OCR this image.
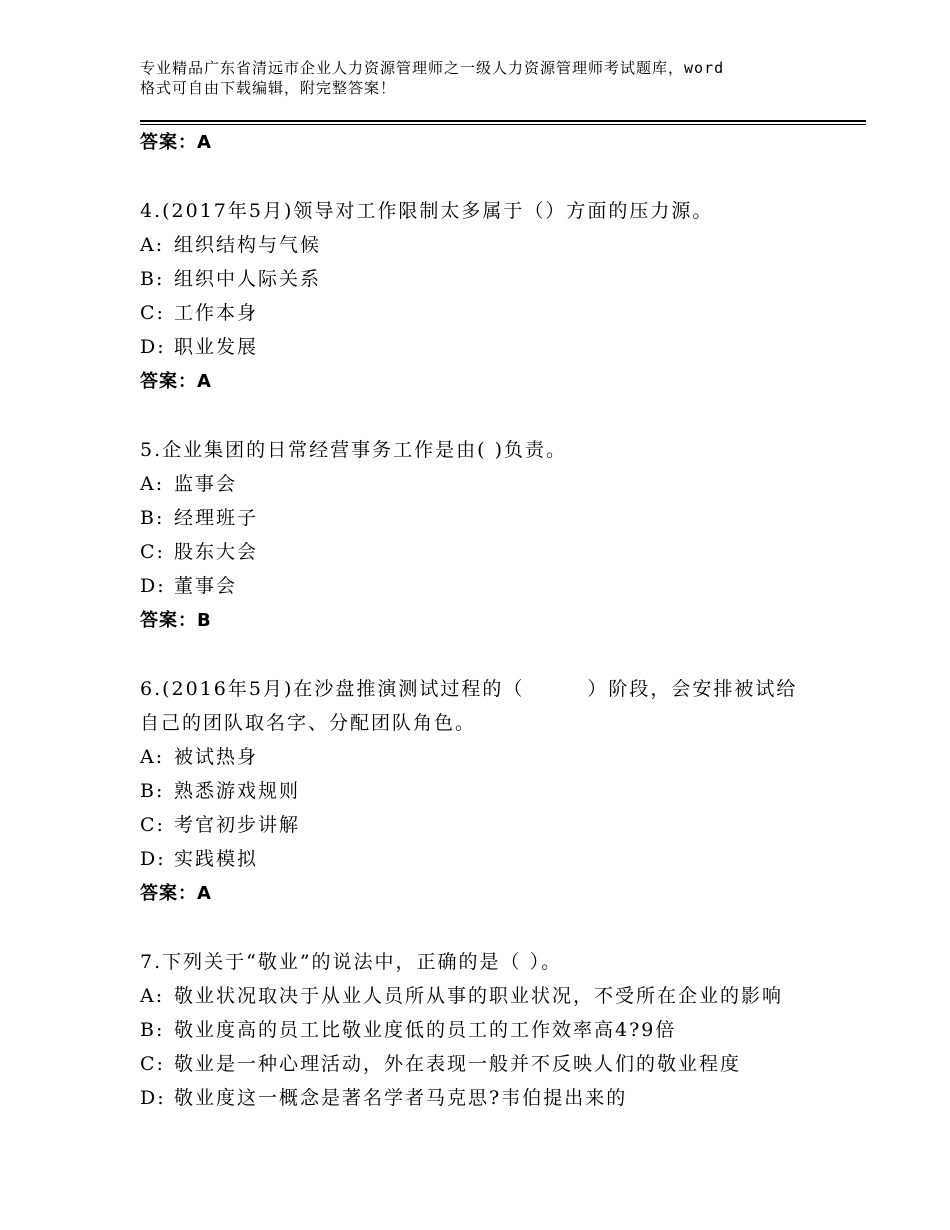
专业精品广东省清远市企业人力资源管理师之一级人力资源管理师考试题库，word
格式可自由下载编辑，附完整答案！
答案：A
4.(2017年5月)领导对工作限制太多属于（）方面的压力源。
A: 组织结构与气候
B: 组织中人际关系
C: 工作本身
D: 职业发展
答案：A
5.企业集团的日常经营事务工作是由( )负责。
A: 监事会
B: 经理班子
C: 股东大会
D: 董事会
答案：B
6.(2016年5月)在沙盘推演测试过程的（　　　）阶段，会安排被试给
自己的团队取名字、分配团队角色。
A: 被试热身
B: 熟悉游戏规则
C: 考官初步讲解
D: 实践模拟
答案：A
7.下列关于“敬业”的说法中，正确的是（ ）。
A: 敬业状况取决于从业人员所从事的职业状况，不受所在企业的影响
B: 敬业度高的员工比敬业度低的员工的工作效率高4?9倍
C: 敬业是一种心理活动，外在表现一般并不反映人们的敬业程度
D: 敬业度这一概念是著名学者马克思?韦伯提出来的
